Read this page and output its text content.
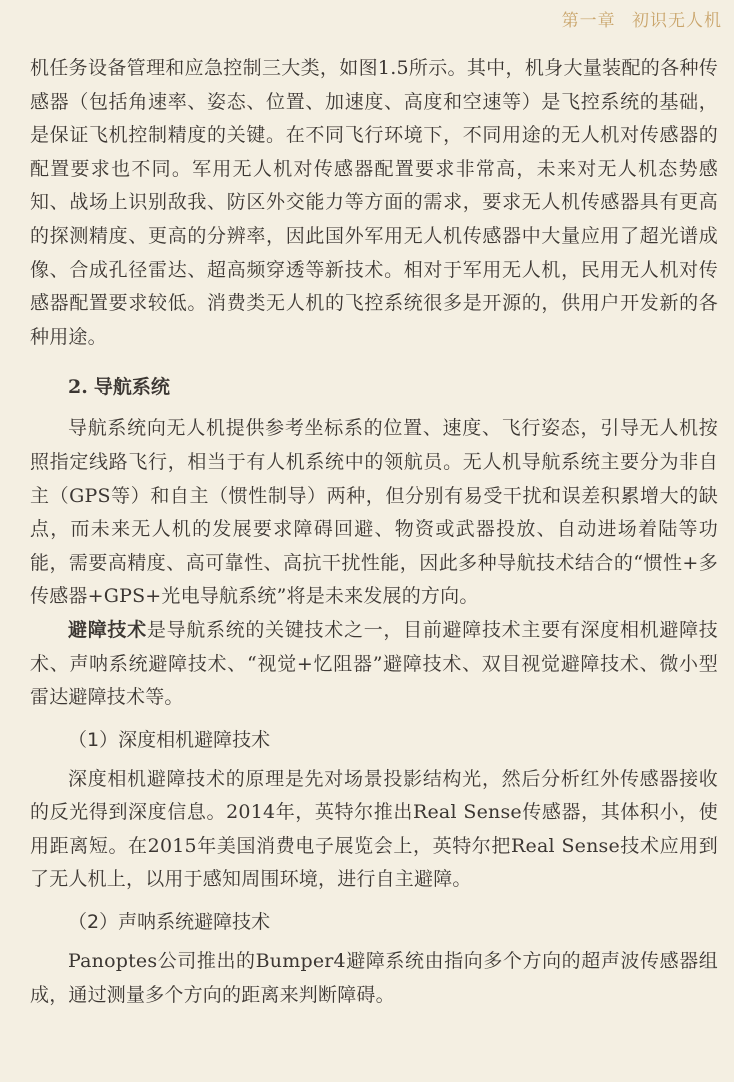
第一章 初识无人机

机任务设备管理和应急控制三大类，如图1.5所示。其中，机身大量装配的各种传感器（包括角速率、姿态、位置、加速度、高度和空速等）是飞控系统的基础，是保证飞机控制精度的关键。在不同飞行环境下，不同用途的无人机对传感器的配置要求也不同。军用无人机对传感器配置要求非常高，未来对无人机态势感知、战场上识别敌我、防区外交能力等方面的需求，要求无人机传感器具有更高的探测精度、更高的分辨率，因此国外军用无人机传感器中大量应用了超光谱成像、合成孔径雷达、超高频穿透等新技术。相对于军用无人机，民用无人机对传感器配置要求较低。消费类无人机的飞控系统很多是开源的，供用户开发新的各种用途。

2. 导航系统

导航系统向无人机提供参考坐标系的位置、速度、飞行姿态，引导无人机按照指定线路飞行，相当于有人机系统中的领航员。无人机导航系统主要分为非自主（GPS等）和自主（惯性制导）两种，但分别有易受干扰和误差积累增大的缺点，而未来无人机的发展要求障碍回避、物资或武器投放、自动进场着陆等功能，需要高精度、高可靠性、高抗干扰性能，因此多种导航技术结合的“惯性+多传感器+GPS+光电导航系统”将是未来发展的方向。

避障技术是导航系统的关键技术之一，目前避障技术主要有深度相机避障技术、声呐系统避障技术、“视觉+忆阻器”避障技术、双目视觉避障技术、微小型雷达避障技术等。

（1）深度相机避障技术

深度相机避障技术的原理是先对场景投影结构光，然后分析红外传感器接收的反光得到深度信息。2014年，英特尔推出Real Sense传感器，其体积小，使用距离短。在2015年美国消费电子展览会上，英特尔把Real Sense技术应用到了无人机上，以用于感知周围环境，进行自主避障。

（2）声呐系统避障技术

Panoptes公司推出的Bumper4避障系统由指向多个方向的超声波传感器组成，通过测量多个方向的距离来判断障碍。
